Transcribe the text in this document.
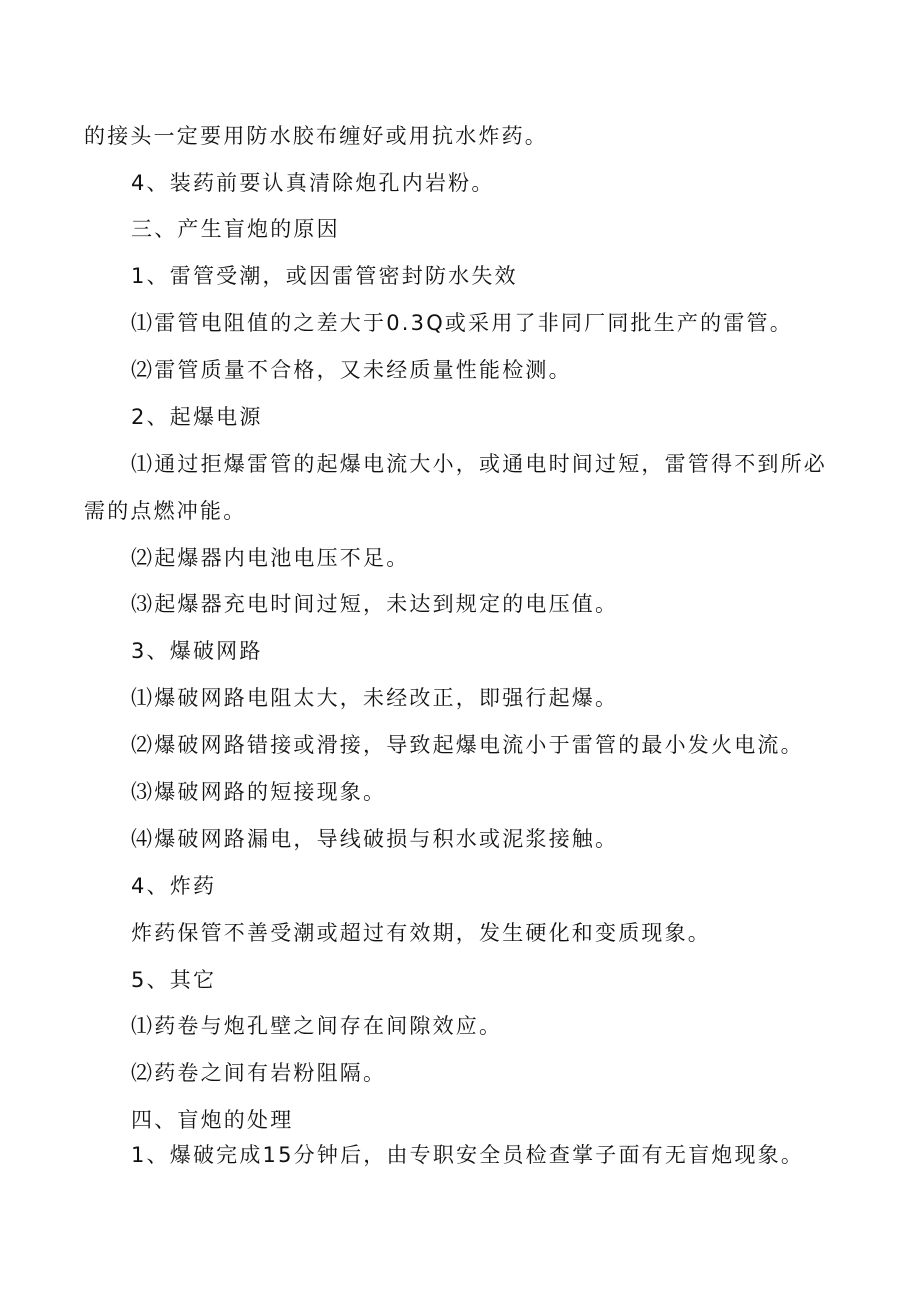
的接头一定要用防水胶布缠好或用抗水炸药。
4、装药前要认真清除炮孔内岩粉。
三、产生盲炮的原因
1、雷管受潮，或因雷管密封防水失效
⑴雷管电阻值的之差大于0.3Q或采用了非同厂同批生产的雷管。
⑵雷管质量不合格，又未经质量性能检测。
2、起爆电源
⑴通过拒爆雷管的起爆电流大小，或通电时间过短，雷管得不到所必
需的点燃冲能。
⑵起爆器内电池电压不足。
⑶起爆器充电时间过短，未达到规定的电压值。
3、爆破网路
⑴爆破网路电阻太大，未经改正，即强行起爆。
⑵爆破网路错接或滑接，导致起爆电流小于雷管的最小发火电流。
⑶爆破网路的短接现象。
⑷爆破网路漏电，导线破损与积水或泥浆接触。
4、炸药
炸药保管不善受潮或超过有效期，发生硬化和变质现象。
5、其它
⑴药卷与炮孔壁之间存在间隙效应。
⑵药卷之间有岩粉阻隔。
四、盲炮的处理
1、爆破完成15分钟后，由专职安全员检查掌子面有无盲炮现象。
